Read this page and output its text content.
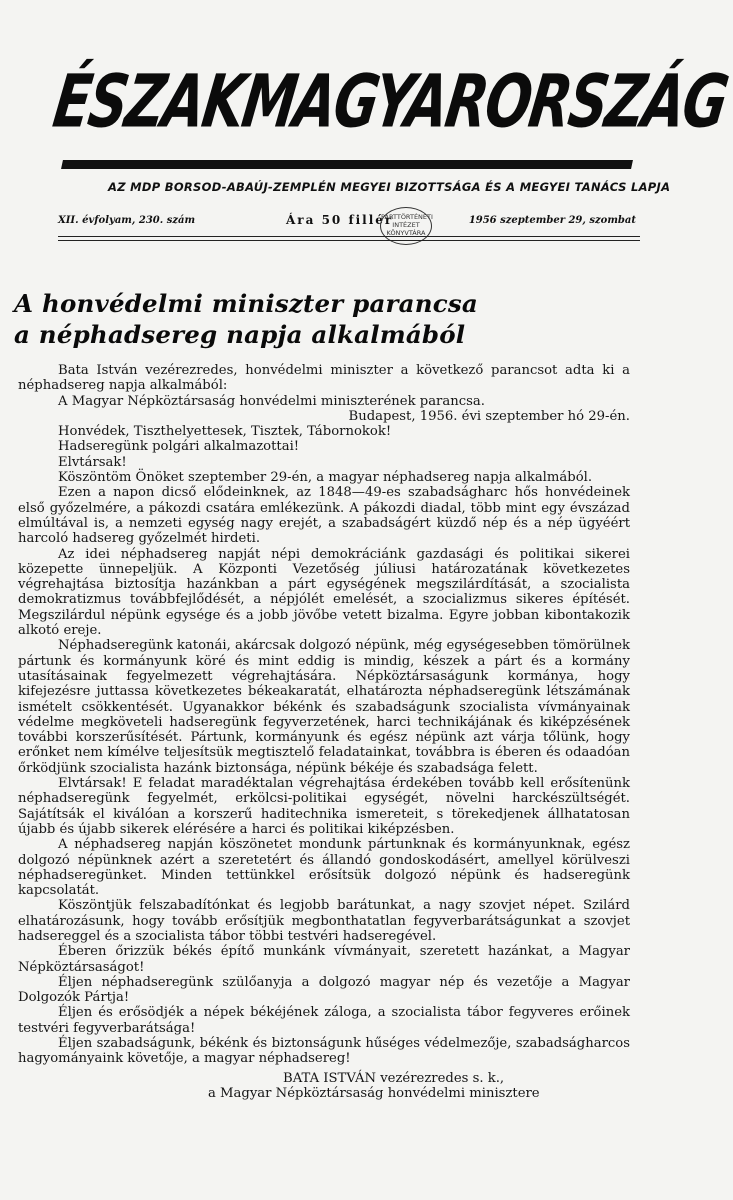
ÉSZAKMAGYARORSZÁG
AZ MDP BORSOD-ABAÚJ-ZEMPLÉN MEGYEI BIZOTTSÁGA ÉS A MEGYEI TANÁCS LAPJA
XII. évfolyam, 230. szám	Ára 50 fillér	1956 szeptember 29, szombat
PÁRTTÖRTÉNETI INTÉZET KÖNYVTÁRA
A honvédelmi miniszter parancsa
a néphadsereg napja alkalmából

Bata István vezérezredes, honvédelmi miniszter a következő parancsot adta ki a néphadsereg napja alkalmából:

A Magyar Népköztársaság honvédelmi miniszterének parancsa.

Budapest, 1956. évi szeptember hó 29-én.

Honvédek, Tiszthelyettesek, Tisztek, Tábornokok!

Hadseregünk polgári alkalmazottai!

Elvtársak!

Köszöntöm Önöket szeptember 29-én, a magyar néphadsereg napja alkalmából.

Ezen a napon dicső elődeinknek, az 1848—49-es szabadságharc hős honvédeinek első győzelmére, a pákozdi csatára emlékezünk. A pákozdi diadal, több mint egy évszázad elmúltával is, a nemzeti egység nagy erejét, a szabadságért küzdő nép és a nép ügyéért harcoló hadsereg győzelmét hirdeti.

Az idei néphadsereg napját népi demokráciánk gazdasági és politikai sikerei közepette ünnepeljük. A Központi Vezetőség júliusi határozatának következetes végrehajtása biztosítja hazánkban a párt egységének megszilárdítását, a szocialista demokratizmus továbbfejlődését, a népjólét emelését, a szocializmus sikeres építését. Megszilárdul népünk egysége és a jobb jövőbe vetett bizalma. Egyre jobban kibontakozik alkotó ereje.

Néphadseregünk katonái, akárcsak dolgozó népünk, még egységesebben tömörülnek pártunk és kormányunk köré és mint eddig is mindig, készek a párt és a kormány utasításainak fegyelmezett végrehajtására. Népköztársaságunk kormánya, hogy kifejezésre juttassa következetes békeakaratát, elhatározta néphadseregünk létszámának ismételt csökkentését. Ugyanakkor békénk és szabadságunk szocialista vívmányainak védelme megköveteli hadseregünk fegyverzetének, harci technikájának és kiképzésének további korszerűsítését. Pártunk, kormányunk és egész népünk azt várja tőlünk, hogy erőnket nem kímélve teljesítsük megtisztelő feladatainkat, továbbra is éberen és odaadóan őrködjünk szocialista hazánk biztonsága, népünk békéje és szabadsága felett.

Elvtársak! E feladat maradéktalan végrehajtása érdekében tovább kell erősítenünk néphadseregünk fegyelmét, erkölcsi-politikai egységét, növelni harckészültségét. Sajátítsák el kiválóan a korszerű haditechnika ismereteit, s törekedjenek állhatatosan újabb és újabb sikerek elérésére a harci és politikai kiképzésben.

A néphadsereg napján köszönetet mondunk pártunknak és kormányunknak, egész dolgozó népünknek azért a szeretetért és állandó gondoskodásért, amellyel körülveszi néphadseregünket. Minden tettünkkel erősítsük dolgozó népünk és hadseregünk kapcsolatát.

Köszöntjük felszabadítónkat és legjobb barátunkat, a nagy szovjet népet. Szilárd elhatározásunk, hogy tovább erősítjük megbonthatatlan fegyverbarátságunkat a szovjet hadsereggel és a szocialista tábor többi testvéri hadseregével.

Éberen őrizzük békés építő munkánk vívmányait, szeretett hazánkat, a Magyar Népköztársaságot!

Éljen néphadseregünk szülőanyja a dolgozó magyar nép és vezetője a Magyar Dolgozók Pártja!

Éljen és erősödjék a népek békéjének záloga, a szocialista tábor fegyveres erőinek testvéri fegyverbarátsága!

Éljen szabadságunk, békénk és biztonságunk hűséges védelmezője, szabadságharcos hagyományaink követője, a magyar néphadsereg!

BATA ISTVÁN vezérezredes s. k.,

a Magyar Népköztársaság honvédelmi minisztere
